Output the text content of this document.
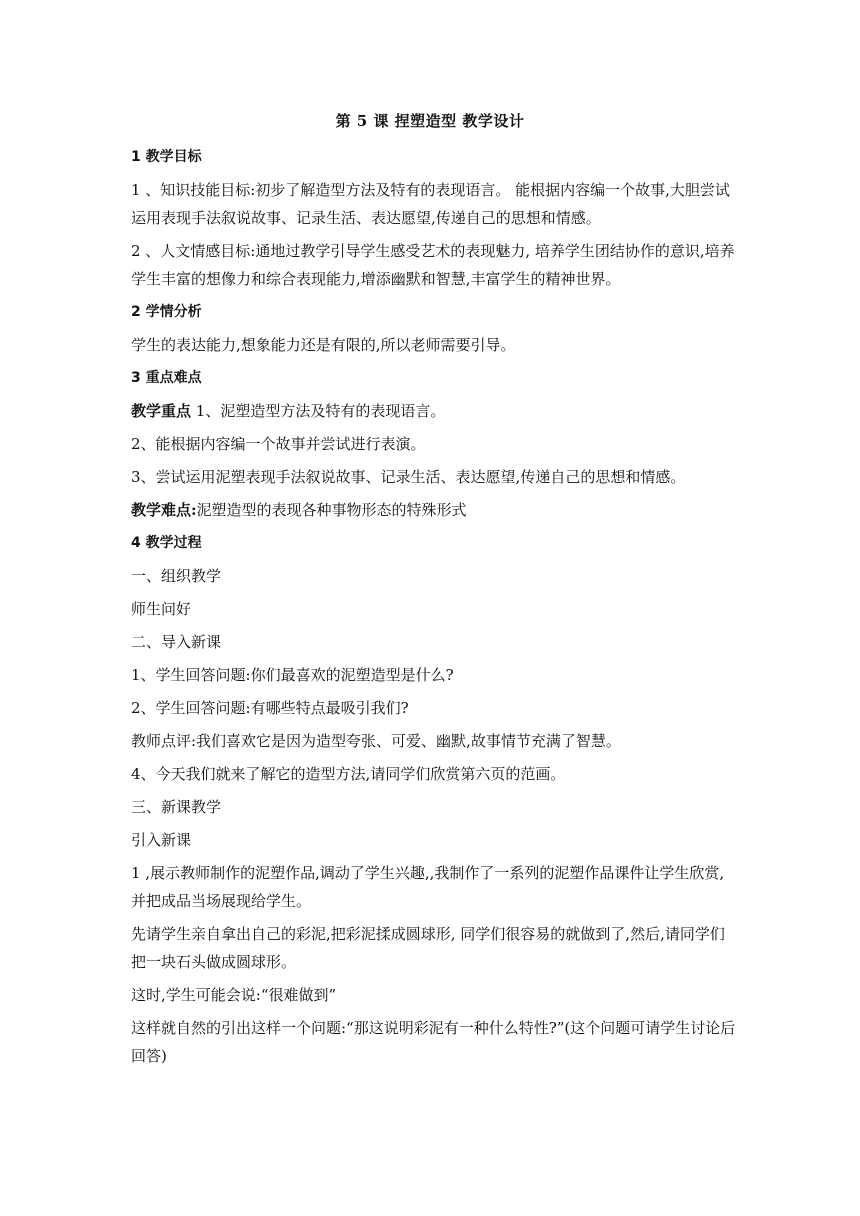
第 5 课 捏塑造型 教学设计
1 教学目标
1 、知识技能目标:初步了解造型方法及特有的表现语言。 能根据内容编一个故事,大胆尝试运用表现手法叙说故事、记录生活、表达愿望,传递自己的思想和情感。
2 、人文情感目标:通地过教学引导学生感受艺术的表现魅力, 培养学生团结协作的意识,培养学生丰富的想像力和综合表现能力,增添幽默和智慧,丰富学生的精神世界。
2 学情分析
学生的表达能力,想象能力还是有限的,所以老师需要引导。
3 重点难点
教学重点 1、泥塑造型方法及特有的表现语言。
2、能根据内容编一个故事并尝试进行表演。
3、尝试运用泥塑表现手法叙说故事、记录生活、表达愿望,传递自己的思想和情感。
教学难点:泥塑造型的表现各种事物形态的特殊形式
4 教学过程
一、组织教学
师生问好
二、导入新课
1、学生回答问题:你们最喜欢的泥塑造型是什么?
2、学生回答问题:有哪些特点最吸引我们?
教师点评:我们喜欢它是因为造型夸张、可爱、幽默,故事情节充满了智慧。
4、今天我们就来了解它的造型方法,请同学们欣赏第六页的范画。
三、新课教学
引入新课
1 ,展示教师制作的泥塑作品,调动了学生兴趣,,我制作了一系列的泥塑作品课件让学生欣赏,并把成品当场展现给学生。
先请学生亲自拿出自己的彩泥,把彩泥揉成圆球形, 同学们很容易的就做到了,然后,请同学们把一块石头做成圆球形。
这时,学生可能会说:“很难做到”
这样就自然的引出这样一个问题:“那这说明彩泥有一种什么特性?”(这个问题可请学生讨论后回答)
